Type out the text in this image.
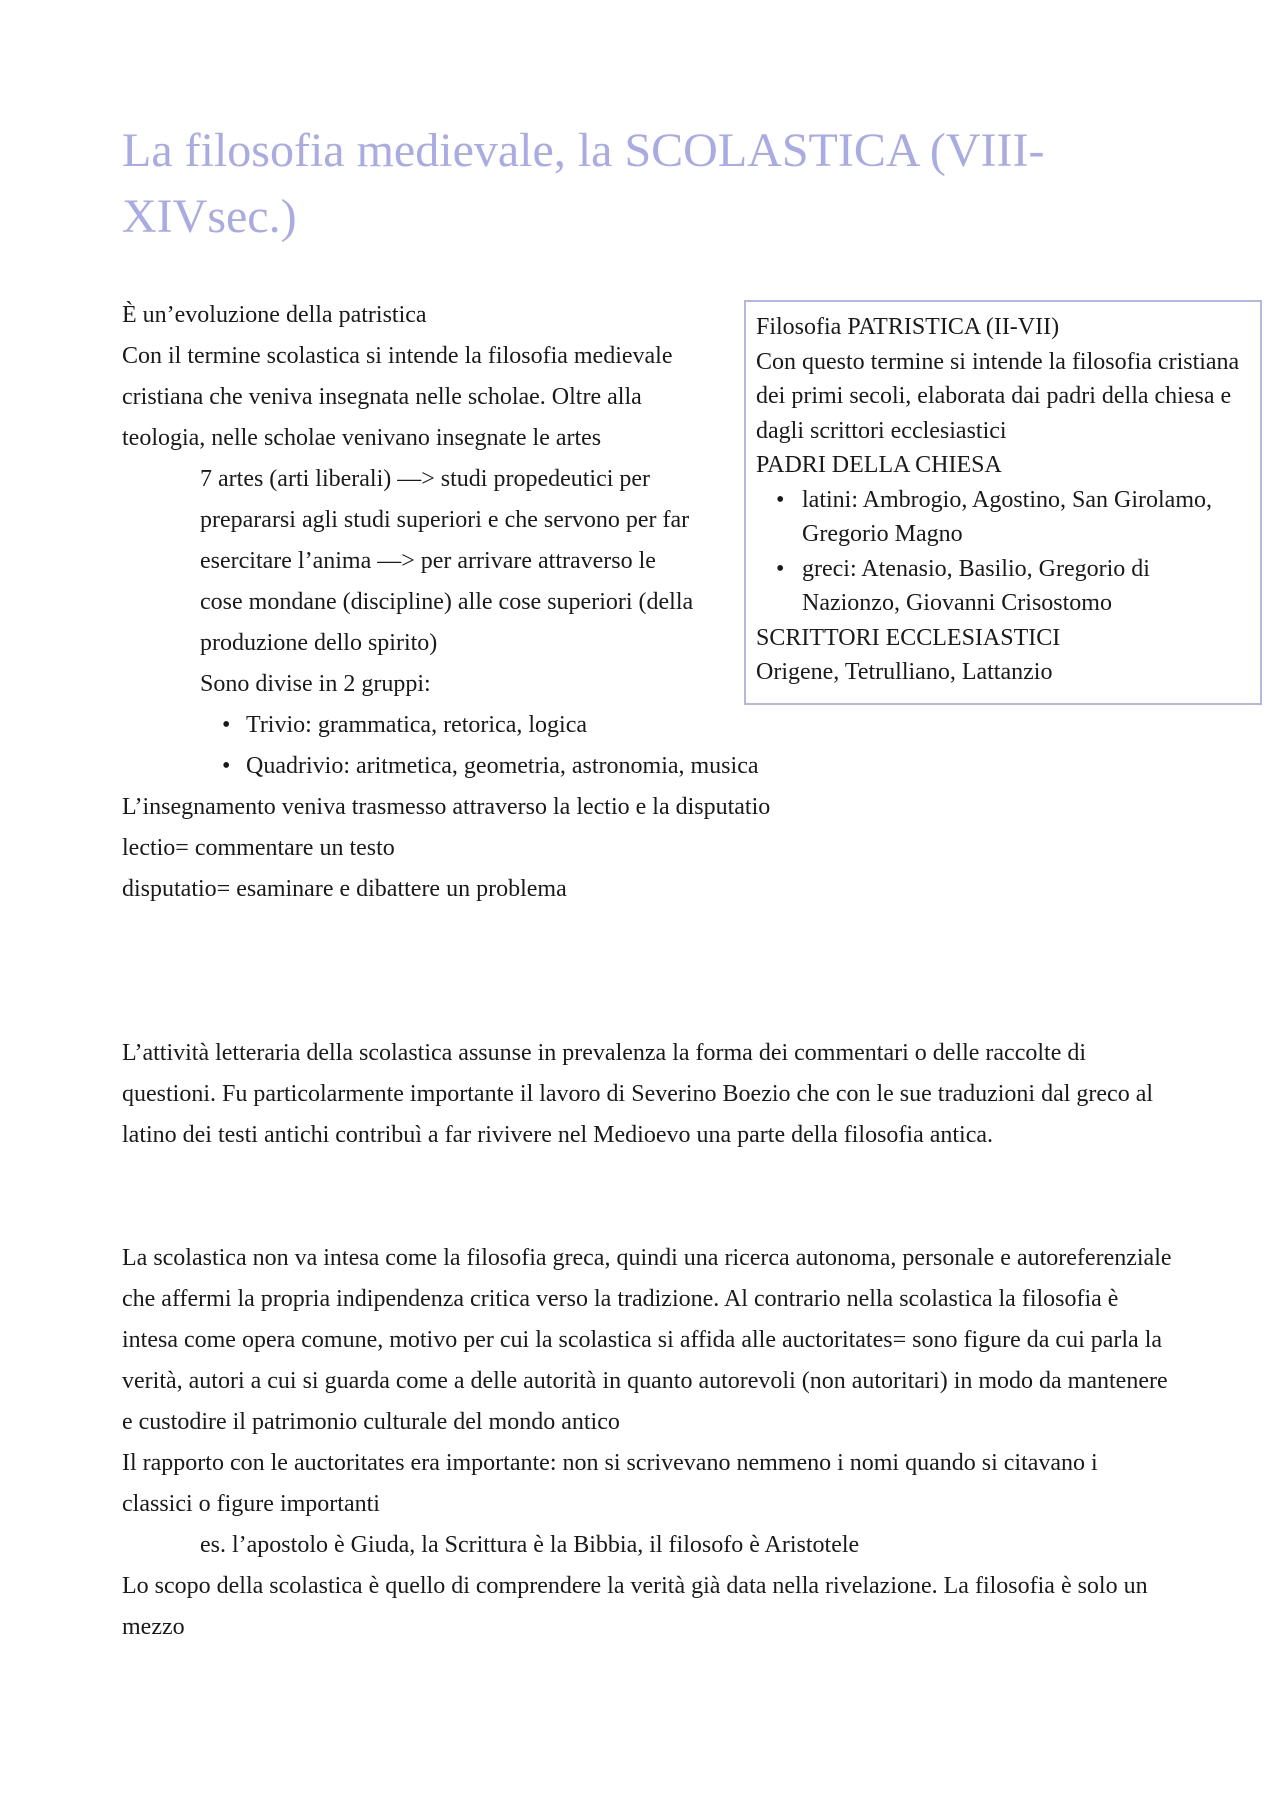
La filosofia medievale, la SCOLASTICA (VIII-XIVsec.)

È un’evoluzione della patristica

Con il termine scolastica si intende la filosofia medievale cristiana che veniva insegnata nelle scholae. Oltre alla teologia, nelle scholae venivano insegnate le artes

7 artes (arti liberali) —> studi propedeutici per prepararsi agli studi superiori e che servono per far esercitare l’anima —> per arrivare attraverso le cose mondane (discipline) alle cose superiori (della produzione dello spirito)

Sono divise in 2 gruppi:

• Trivio: grammatica, retorica, logica
• Quadrivio: aritmetica, geometria, astronomia, musica

L’insegnamento veniva trasmesso attraverso la lectio e la disputatio

lectio= commentare un testo

disputatio= esaminare e dibattere un problema

L’attività letteraria della scolastica assunse in prevalenza la forma dei commentari o delle raccolte di questioni. Fu particolarmente importante il lavoro di Severino Boezio che con le sue traduzioni dal greco al latino dei testi antichi contribuì a far rivivere nel Medioevo una parte della filosofia antica.

La scolastica non va intesa come la filosofia greca, quindi una ricerca autonoma, personale e autoreferenziale che affermi la propria indipendenza critica verso la tradizione. Al contrario nella scolastica la filosofia è intesa come opera comune, motivo per cui la scolastica si affida alle auctoritates= sono figure da cui parla la verità, autori a cui si guarda come a delle autorità in quanto autorevoli (non autoritari) in modo da mantenere e custodire il patrimonio culturale del mondo antico

Il rapporto con le auctoritates era importante: non si scrivevano nemmeno i nomi quando si citavano i classici o figure importanti

es. l’apostolo è Giuda, la Scrittura è la Bibbia, il filosofo è Aristotele

Lo scopo della scolastica è quello di comprendere la verità già data nella rivelazione. La filosofia è solo un mezzo

Filosofia PATRISTICA (II-VII)

Con questo termine si intende la filosofia cristiana dei primi secoli, elaborata dai padri della chiesa e dagli scrittori ecclesiastici

PADRI DELLA CHIESA

• latini: Ambrogio, Agostino, San Girolamo, Gregorio Magno
• greci: Atenasio, Basilio, Gregorio di Nazionzo, Giovanni Crisostomo

SCRITTORI ECCLESIASTICI

Origene, Tetrulliano, Lattanzio
